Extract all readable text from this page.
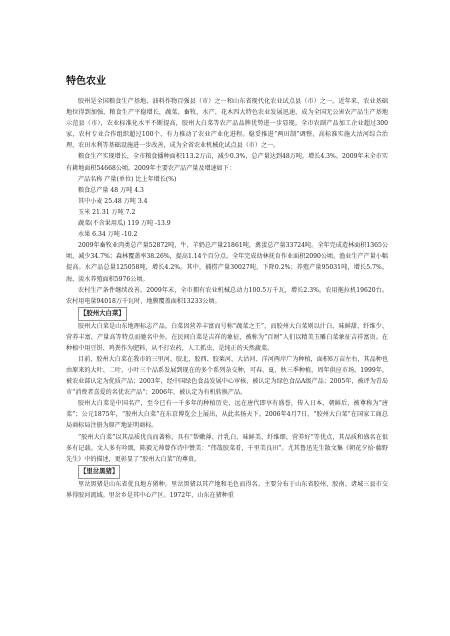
特色农业

胶州是全国粮食生产基地，油料作物百强县（市）之一和山东省现代化农业试点县（市）之一。近年来，农业基础地位得到加强，粮食生产平稳增长，蔬菜、畜牧、水产、花木四大特色农业发展迅速，成为全国无公害农产品生产基地示范县（市），农业标准化水平不断提高，胶州大白菜等农产品品牌优势进一步显现。全市农副产品加工企业超过300家，农村专业合作组织超过100个，有力推动了农业产业化进程。稳妥推进“两田制”调整，高标准实施大沽河综合治理，农田水利等基础设施进一步改善，成为全省农业机械化试点县（市）之一。

粮食生产实现增长，全市粮食播种面积113.2万亩，减少0.3%，总产量达到48万吨，增长4.3%。2009年末全市实有耕地面积54668公顷。2009年主要农产品产量及增速如下：

产品名称 产量(单位) 比上年增长(%)

粮食总产量 48 万吨 4.3

其中小麦 25.48 万吨 3.4

玉米 21.31 万吨 7.2

蔬菜(不含果用瓜) 119 万吨 -13.9

水果 6.34 万吨 -10.2

2009年畜牧业肉类总产量52872吨，牛、羊奶总产量21861吨，禽蛋总产量33724吨。全年完成造林面积1365公顷，减少34.7%；森林覆盖率38.26%，提高1.14个百分点。全年完成幼林抚育作业面积2090公顷。渔业生产产量小幅提高。水产品总量125058吨，增长4.2%。其中，捕捞产量30027吨，下降0.2%；养殖产量95031吨，增长5.7%。海、淡水养殖面积5976公顷。

农村生产条件继续改善。2009年末，全市拥有农业机械总动力100.5万千瓦，增长2.3%。农用拖拉机19620台。农村用电量94018万千瓦时，地膜覆盖面积13233公顷。

【胶州大白菜】

胶州大白菜是山东地理标志产品。白菜因营养丰富而号称“蔬菜之王”，而胶州大白菜则以汁白、味鲜甜、纤维少、营养丰富、产量高等特点而驰名中外。在民间白菜是吉祥的象征，被称为“百财”人们以精美玉雕白菜象征吉祥富贵。在种植中用豆饼、鸡粪作为肥料，从不打农药，人工抓虫，是纯正的天然蔬菜。

目前，胶州大白菜在我市的三里河、胶北、胶西、胶莱河、大沽河、洋河两岸广为种植，面积6万亩左右，其品种也由原来的大叶、二叶、小叶三个品系发展到现在的多个系列杂交种，可春、夏、秋三季种植，周年供应市场。1999年，被农业部认定为优质产品；2003年，经中国绿色食品发展中心审核，被认定为绿色食品A级产品；2005年，被评为青岛市“消费者喜爱的名优农产品”；2006年，被认定为有机转换产品。

胶州大白菜是中国名产，至今已有一千多年的种植历史，远在唐代即享有盛誉，传入日本、朝鲜后，被尊称为“唐菜”；公元1875年，“胶州大白菜”在东京博览会上展出，从此名扬天下。2006年4月7日，“胶州大白菜”在国家工商总局商标局注册为原产地证明商标。

“胶州大白菜”以其品质优良而著称，具有“帮嫩薄、汁乳白、味鲜美、纤维细、营养好”等优点，其品质和盛名在很多有记载。文人多有吟颂，陈毅元帅曾作诗中赞美：“伟哉胶菜肴，千里美良田”。尤其鲁迅先生散文集《朝花夕拾·藤野先生》中的描述，更彰显了“胶州大白菜”的尊贵。

【里岔黑猪】

里岔黑猪是山东省优良地方猪种。里岔黑猪以其产地和毛色而得名。主要分布于山东省胶州、胶南、诸城三县市交界得胶河流域。里岔乡是其中心产区。1972年，山东在猪种重
